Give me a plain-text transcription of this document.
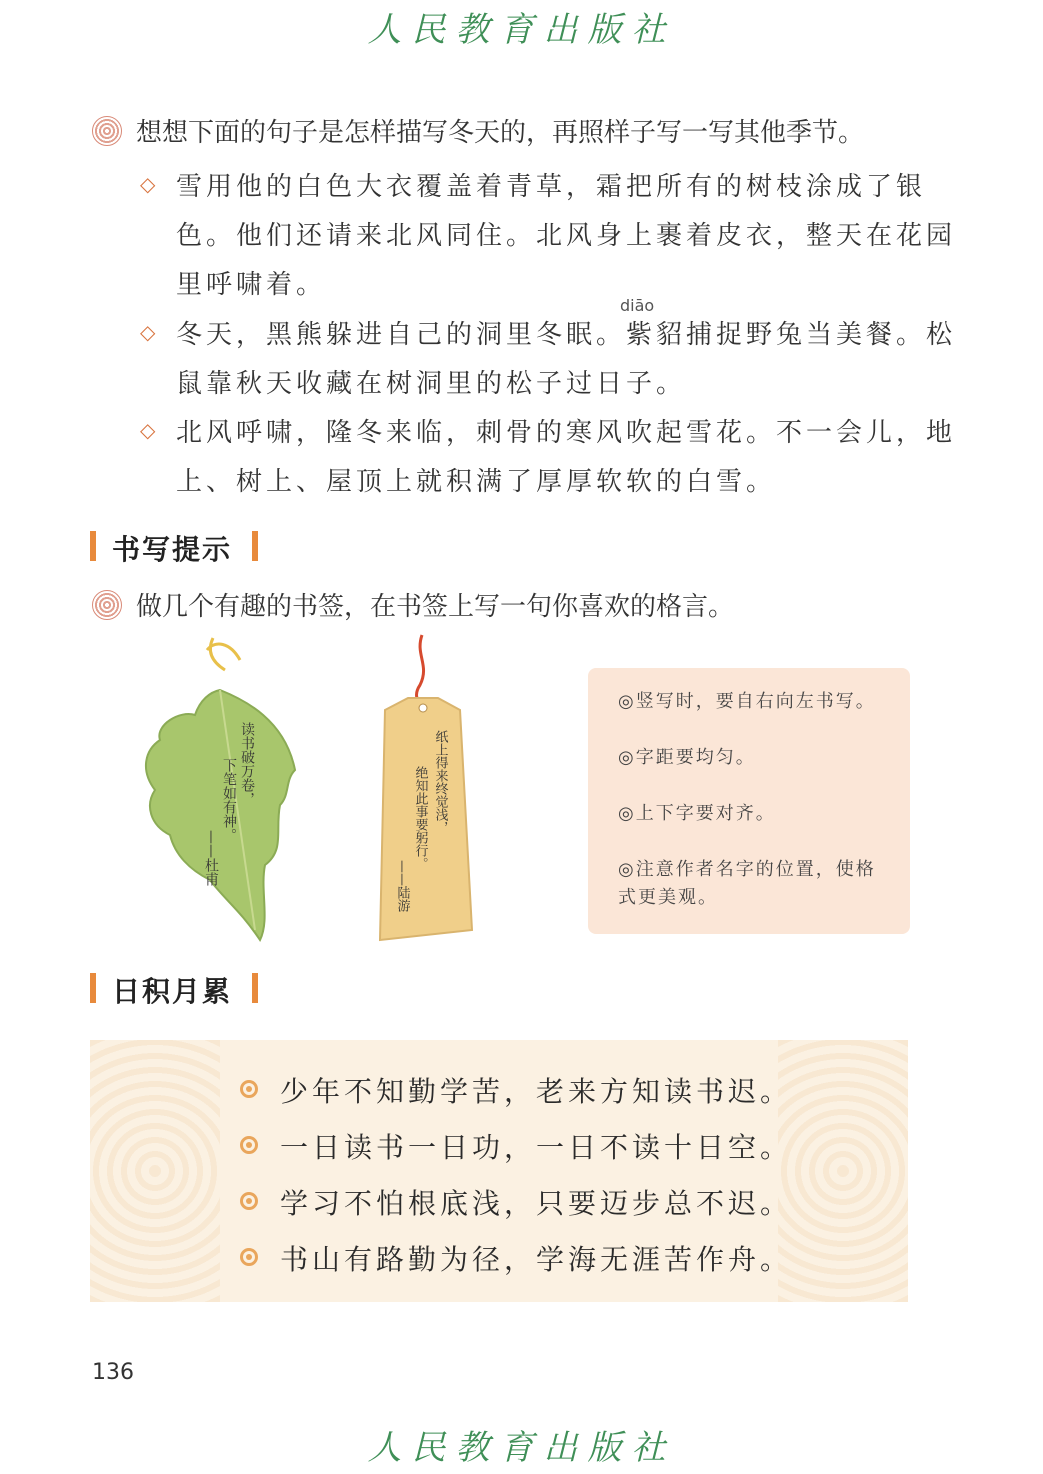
人民教育出版社
想想下面的句子是怎样描写冬天的，再照样子写一写其他季节。
◇ 雪用他的白色大衣覆盖着青草，霜把所有的树枝涂成了银
色。他们还请来北风同住。北风身上裹着皮衣，整天在花园
里呼啸着。
diāo
◇ 冬天，黑熊躲进自己的洞里冬眠。紫貂捕捉野兔当美餐。松
鼠靠秋天收藏在树洞里的松子过日子。
◇ 北风呼啸，隆冬来临，刺骨的寒风吹起雪花。不一会儿，地
上、树上、屋顶上就积满了厚厚软软的白雪。
书写提示
做几个有趣的书签，在书签上写一句你喜欢的格言。
读书破万卷，
下笔如有神。
——杜甫
纸上得来终觉浅，
绝知此事要躬行。
——陆游
◎竖写时，要自右向左书写。
◎字距要均匀。
◎上下字要对齐。
◎注意作者名字的位置，使格式更美观。
日积月累
少年不知勤学苦，老来方知读书迟。
一日读书一日功，一日不读十日空。
学习不怕根底浅，只要迈步总不迟。
书山有路勤为径，学海无涯苦作舟。
136
人民教育出版社
